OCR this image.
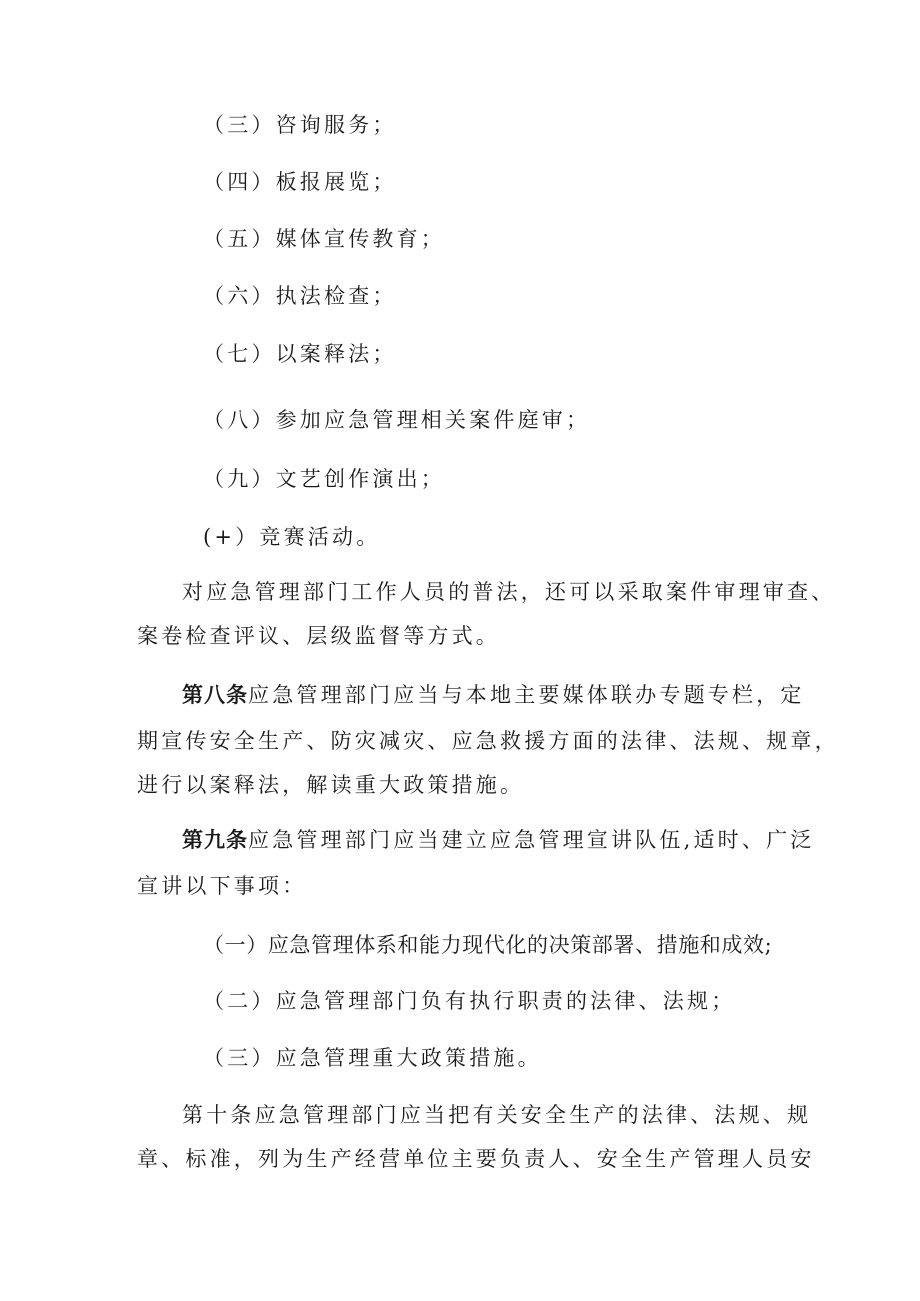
（三）咨询服务；
（四）板报展览；
（五）媒体宣传教育；
（六）执法检查；
（七）以案释法；
（八）参加应急管理相关案件庭审；
（九）文艺创作演出；
(+）竞赛活动。
对应急管理部门工作人员的普法，还可以采取案件审理审查、
案卷检查评议、层级监督等方式。
第八条应急管理部门应当与本地主要媒体联办专题专栏，定
期宣传安全生产、防灾减灾、应急救援方面的法律、法规、规章，
进行以案释法，解读重大政策措施。
第九条应急管理部门应当建立应急管理宣讲队伍,适时、广泛
宣讲以下事项：
（一）应急管理体系和能力现代化的决策部署、措施和成效;
（二）应急管理部门负有执行职责的法律、法规；
（三）应急管理重大政策措施。
第十条应急管理部门应当把有关安全生产的法律、法规、规
章、标准，列为生产经营单位主要负责人、安全生产管理人员安
